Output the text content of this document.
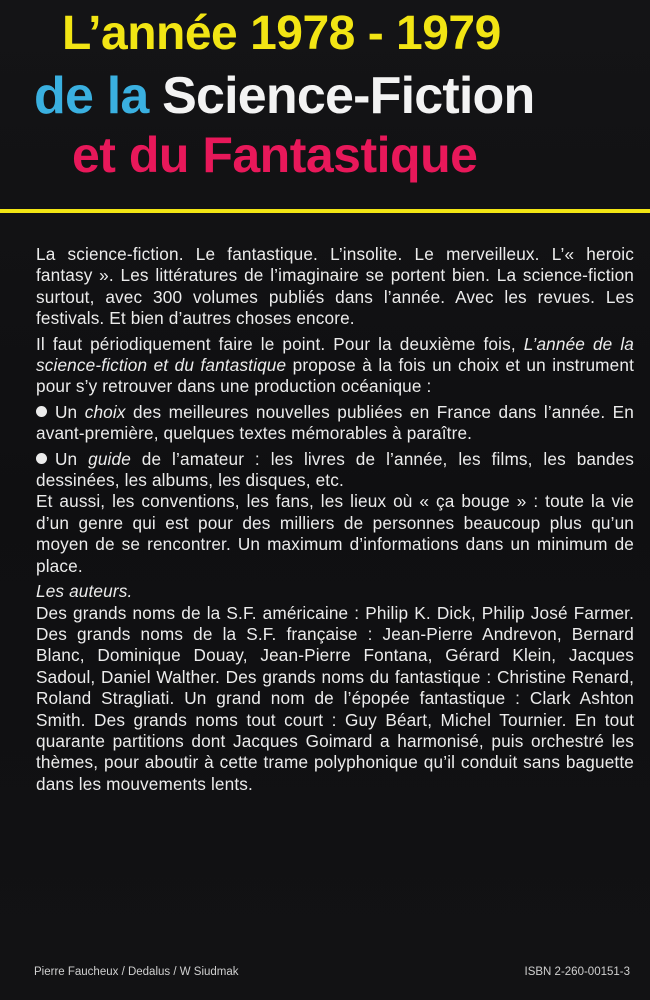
L’année 1978 - 1979
de la Science-Fiction
et du Fantastique

La science-fiction. Le fantastique. L’insolite. Le merveilleux. L’« heroic fantasy ». Les littératures de l’imaginaire se portent bien. La science-fiction surtout, avec 300 volumes publiés dans l’année. Avec les revues. Les festivals. Et bien d’autres choses encore.

Il faut périodiquement faire le point. Pour la deuxième fois, L’année de la science-fiction et du fantastique propose à la fois un choix et un instrument pour s’y retrouver dans une production océanique :

Un choix des meilleures nouvelles publiées en France dans l’année. En avant-première, quelques textes mémorables à paraître.

Un guide de l’amateur : les livres de l’année, les films, les bandes dessinées, les albums, les disques, etc.

Et aussi, les conventions, les fans, les lieux où « ça bouge » : toute la vie d’un genre qui est pour des milliers de personnes beaucoup plus qu’un moyen de se rencontrer. Un maximum d’informations dans un minimum de place.

Les auteurs.

Des grands noms de la S.F. américaine : Philip K. Dick, Philip José Farmer. Des grands noms de la S.F. française : Jean-Pierre Andrevon, Bernard Blanc, Dominique Douay, Jean-Pierre Fontana, Gérard Klein, Jacques Sadoul, Daniel Walther. Des grands noms du fantastique : Christine Renard, Roland Stragliati. Un grand nom de l’épopée fantastique : Clark Ashton Smith. Des grands noms tout court : Guy Béart, Michel Tournier. En tout quarante partitions dont Jacques Goimard a harmonisé, puis orchestré les thèmes, pour aboutir à cette trame polyphonique qu’il conduit sans baguette dans les mouvements lents.

Pierre Faucheux / Dedalus / W Siudmak	ISBN 2-260-00151-3
